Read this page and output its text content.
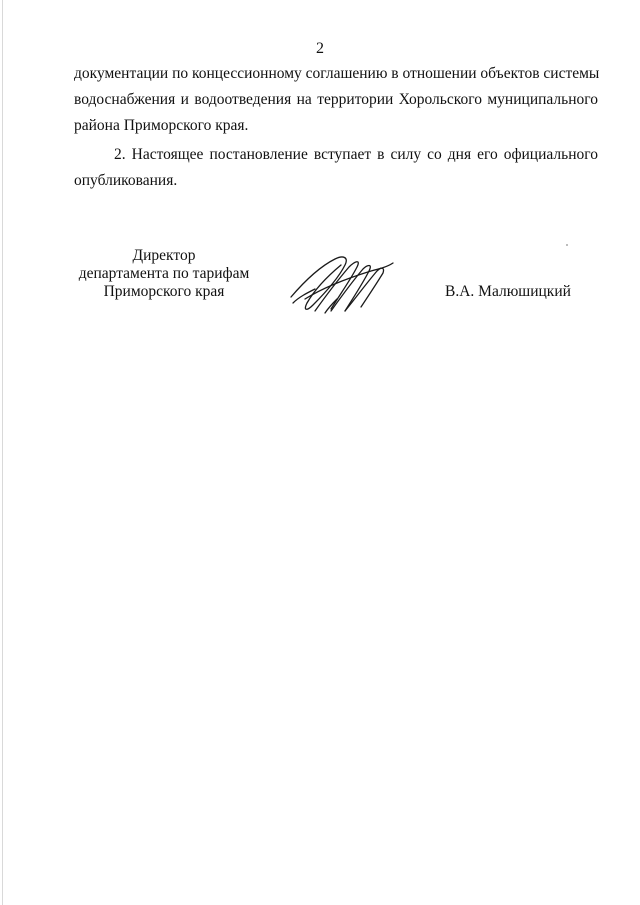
2

документации по концессионному соглашению в отношении объектов системы
водоснабжения и водоотведения на территории Хорольского муниципального
района Приморского края.

2. Настоящее постановление вступает в силу со дня его официального
опубликования.

Директор
департамента по тарифам
Приморского края	В.А. Малюшицкий
